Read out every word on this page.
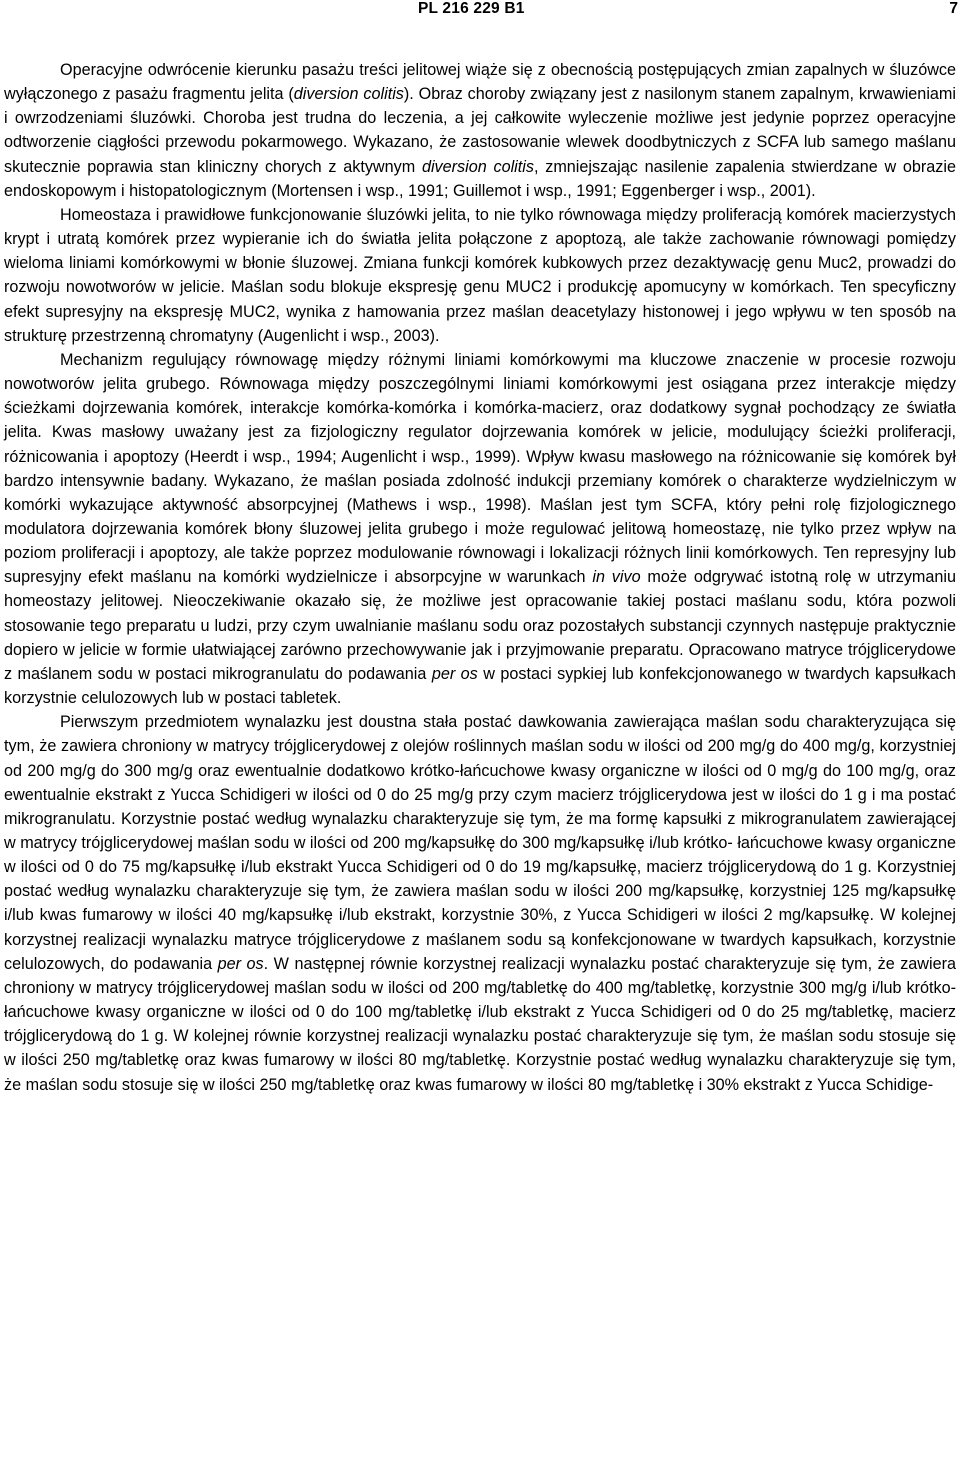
PL 216 229 B1	7

Operacyjne odwrócenie kierunku pasażu treści jelitowej wiąże się z obecnością postępujących zmian zapalnych w śluzówce wyłączonego z pasażu fragmentu jelita (diversion colitis). Obraz choroby związany jest z nasilonym stanem zapalnym, krwawieniami i owrzodzeniami śluzówki. Choroba jest trudna do leczenia, a jej całkowite wyleczenie możliwe jest jedynie poprzez operacyjne odtworzenie ciągłości przewodu pokarmowego. Wykazano, że zastosowanie wlewek doodbytniczych z SCFA lub samego maślanu skutecznie poprawia stan kliniczny chorych z aktywnym diversion colitis, zmniejszając nasilenie zapalenia stwierdzane w obrazie endoskopowym i histopatologicznym (Mortensen i wsp., 1991; Guillemot i wsp., 1991; Eggenberger i wsp., 2001).

Homeostaza i prawidłowe funkcjonowanie śluzówki jelita, to nie tylko równowaga między proliferacją komórek macierzystych krypt i utratą komórek przez wypieranie ich do światła jelita połączone z apoptozą, ale także zachowanie równowagi pomiędzy wieloma liniami komórkowymi w błonie śluzowej. Zmiana funkcji komórek kubkowych przez dezaktywację genu Muc2, prowadzi do rozwoju nowotworów w jelicie. Maślan sodu blokuje ekspresję genu MUC2 i produkcję apomucyny w komórkach. Ten specyficzny efekt supresyjny na ekspresję MUC2, wynika z hamowania przez maślan deacetylazy histonowej i jego wpływu w ten sposób na strukturę przestrzenną chromatyny (Augenlicht i wsp., 2003).

Mechanizm regulujący równowagę między różnymi liniami komórkowymi ma kluczowe znaczenie w procesie rozwoju nowotworów jelita grubego. Równowaga między poszczególnymi liniami komórkowymi jest osiągana przez interakcje między ścieżkami dojrzewania komórek, interakcje komórka-komórka i komórka-macierz, oraz dodatkowy sygnał pochodzący ze światła jelita. Kwas masłowy uważany jest za fizjologiczny regulator dojrzewania komórek w jelicie, modulujący ścieżki proliferacji, różnicowania i apoptozy (Heerdt i wsp., 1994; Augenlicht i wsp., 1999). Wpływ kwasu masłowego na różnicowanie się komórek był bardzo intensywnie badany. Wykazano, że maślan posiada zdolność indukcji przemiany komórek o charakterze wydzielniczym w komórki wykazujące aktywność absorpcyjnej (Mathews i wsp., 1998). Maślan jest tym SCFA, który pełni rolę fizjologicznego modulatora dojrzewania komórek błony śluzowej jelita grubego i może regulować jelitową homeostazę, nie tylko przez wpływ na poziom proliferacji i apoptozy, ale także poprzez modulowanie równowagi i lokalizacji różnych linii komórkowych. Ten represyjny lub supresyjny efekt maślanu na komórki wydzielnicze i absorpcyjne w warunkach in vivo może odgrywać istotną rolę w utrzymaniu homeostazy jelitowej. Nieoczekiwanie okazało się, że możliwe jest opracowanie takiej postaci maślanu sodu, która pozwoli stosowanie tego preparatu u ludzi, przy czym uwalnianie maślanu sodu oraz pozostałych substancji czynnych następuje praktycznie dopiero w jelicie w formie ułatwiającej zarówno przechowywanie jak i przyjmowanie preparatu. Opracowano matryce trójglicerydowe z maślanem sodu w postaci mikrogranulatu do podawania per os w postaci sypkiej lub konfekcjonowanego w twardych kapsułkach korzystnie celulozowych lub w postaci tabletek.

Pierwszym przedmiotem wynalazku jest doustna stała postać dawkowania zawierająca maślan sodu charakteryzująca się tym, że zawiera chroniony w matrycy trójglicerydowej z olejów roślinnych maślan sodu w ilości od 200 mg/g do 400 mg/g, korzystniej od 200 mg/g do 300 mg/g oraz ewentualnie dodatkowo krótko-łańcuchowe kwasy organiczne w ilości od 0 mg/g do 100 mg/g, oraz ewentualnie ekstrakt z Yucca Schidigeri w ilości od 0 do 25 mg/g przy czym macierz trójglicerydowa jest w ilości do 1 g i ma postać mikrogranulatu. Korzystnie postać według wynalazku charakteryzuje się tym, że ma formę kapsułki z mikrogranulatem zawierającej w matrycy trójglicerydowej maślan sodu w ilości od 200 mg/kapsułkę do 300 mg/kapsułkę i/lub krótko- łańcuchowe kwasy organiczne w ilości od 0 do 75 mg/kapsułkę i/lub ekstrakt Yucca Schidigeri od 0 do 19 mg/kapsułkę, macierz trójglicerydową do 1 g. Korzystniej postać według wynalazku charakteryzuje się tym, że zawiera maślan sodu w ilości 200 mg/kapsułkę, korzystniej 125 mg/kapsułkę i/lub kwas fumarowy w ilości 40 mg/kapsułkę i/lub ekstrakt, korzystnie 30%, z Yucca Schidigeri w ilości 2 mg/kapsułkę. W kolejnej korzystnej realizacji wynalazku matryce trójglicerydowe z maślanem sodu są konfekcjonowane w twardych kapsułkach, korzystnie celulozowych, do podawania per os. W następnej równie korzystnej realizacji wynalazku postać charakteryzuje się tym, że zawiera chroniony w matrycy trójglicerydowej maślan sodu w ilości od 200 mg/tabletkę do 400 mg/tabletkę, korzystnie 300 mg/g i/lub krótko-łańcuchowe kwasy organiczne w ilości od 0 do 100 mg/tabletkę i/lub ekstrakt z Yucca Schidigeri od 0 do 25 mg/tabletkę, macierz trójglicerydową do 1 g. W kolejnej równie korzystnej realizacji wynalazku postać charakteryzuje się tym, że maślan sodu stosuje się w ilości 250 mg/tabletkę oraz kwas fumarowy w ilości 80 mg/tabletkę. Korzystnie postać według wynalazku charakteryzuje się tym, że maślan sodu stosuje się w ilości 250 mg/tabletkę oraz kwas fumarowy w ilości 80 mg/tabletkę i 30% ekstrakt z Yucca Schidige-
